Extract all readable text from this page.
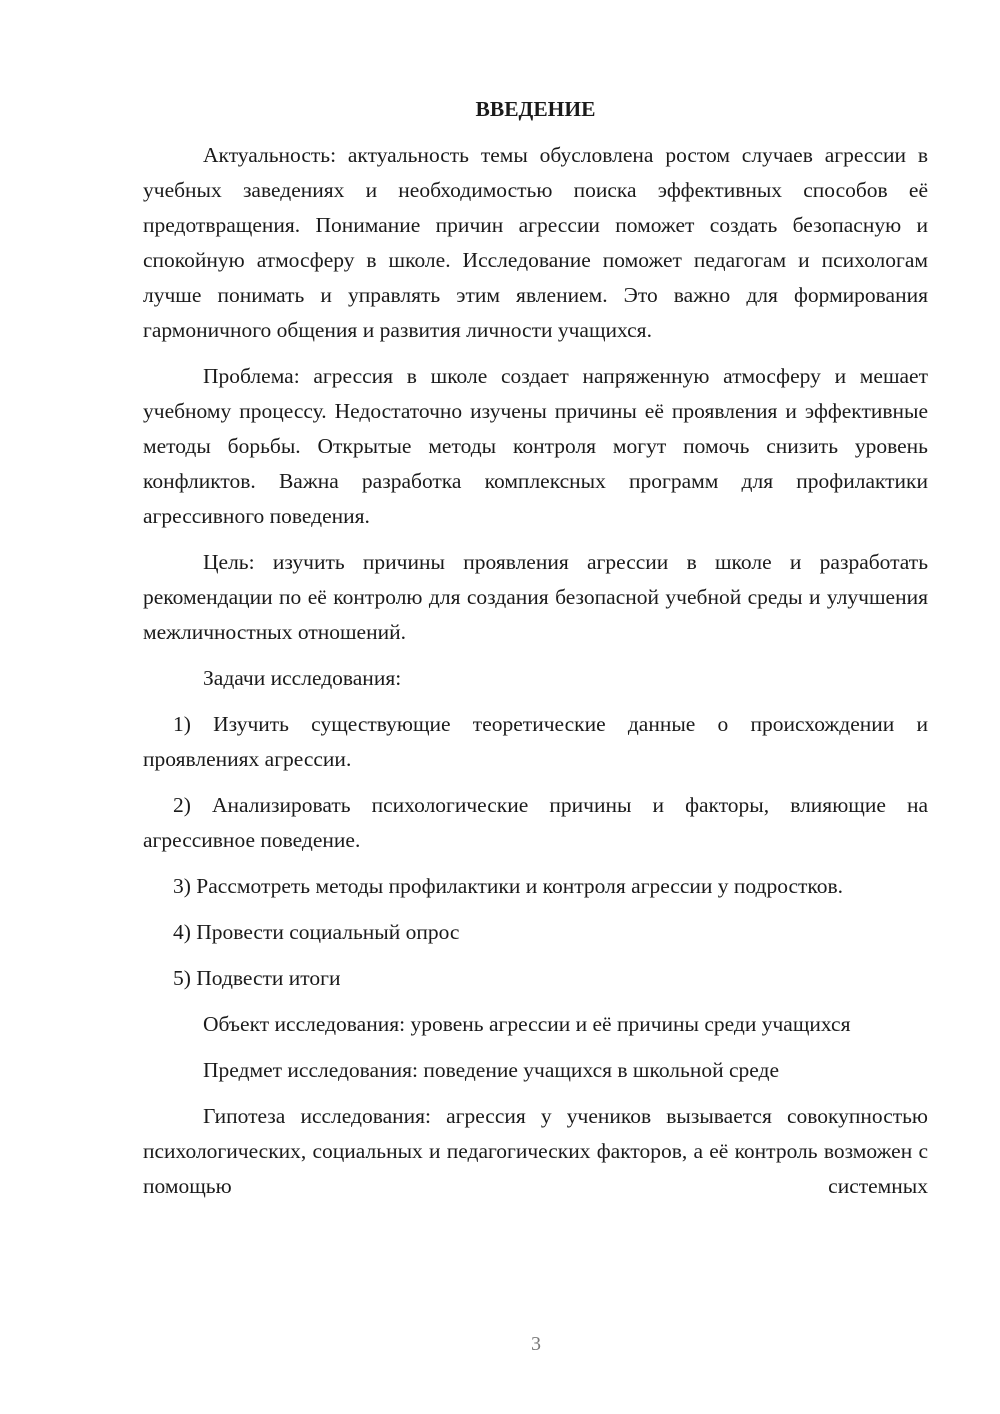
ВВЕДЕНИЕ

Актуальность: актуальность темы обусловлена ростом случаев агрессии в учебных заведениях и необходимостью поиска эффективных способов её предотвращения. Понимание причин агрессии поможет создать безопасную и спокойную атмосферу в школе. Исследование поможет педагогам и психологам лучше понимать и управлять этим явлением. Это важно для формирования гармоничного общения и развития личности учащихся.

Проблема: агрессия в школе создает напряженную атмосферу и мешает учебному процессу. Недостаточно изучены причины её проявления и эффективные методы борьбы. Открытые методы контроля могут помочь снизить уровень конфликтов. Важна разработка комплексных программ для профилактики агрессивного поведения.

Цель: изучить причины проявления агрессии в школе и разработать рекомендации по её контролю для создания безопасной учебной среды и улучшения межличностных отношений.

Задачи исследования:

1) Изучить существующие теоретические данные о происхождении и проявлениях агрессии.

2) Анализировать психологические причины и факторы, влияющие на агрессивное поведение.

3) Рассмотреть методы профилактики и контроля агрессии у подростков.

4) Провести социальный опрос

5) Подвести итоги

Объект исследования: уровень агрессии и её причины среди учащихся

Предмет исследования: поведение учащихся в школьной среде

Гипотеза исследования: агрессия у учеников вызывается совокупностью психологических, социальных и педагогических факторов, а её контроль возможен с помощью системных

3
